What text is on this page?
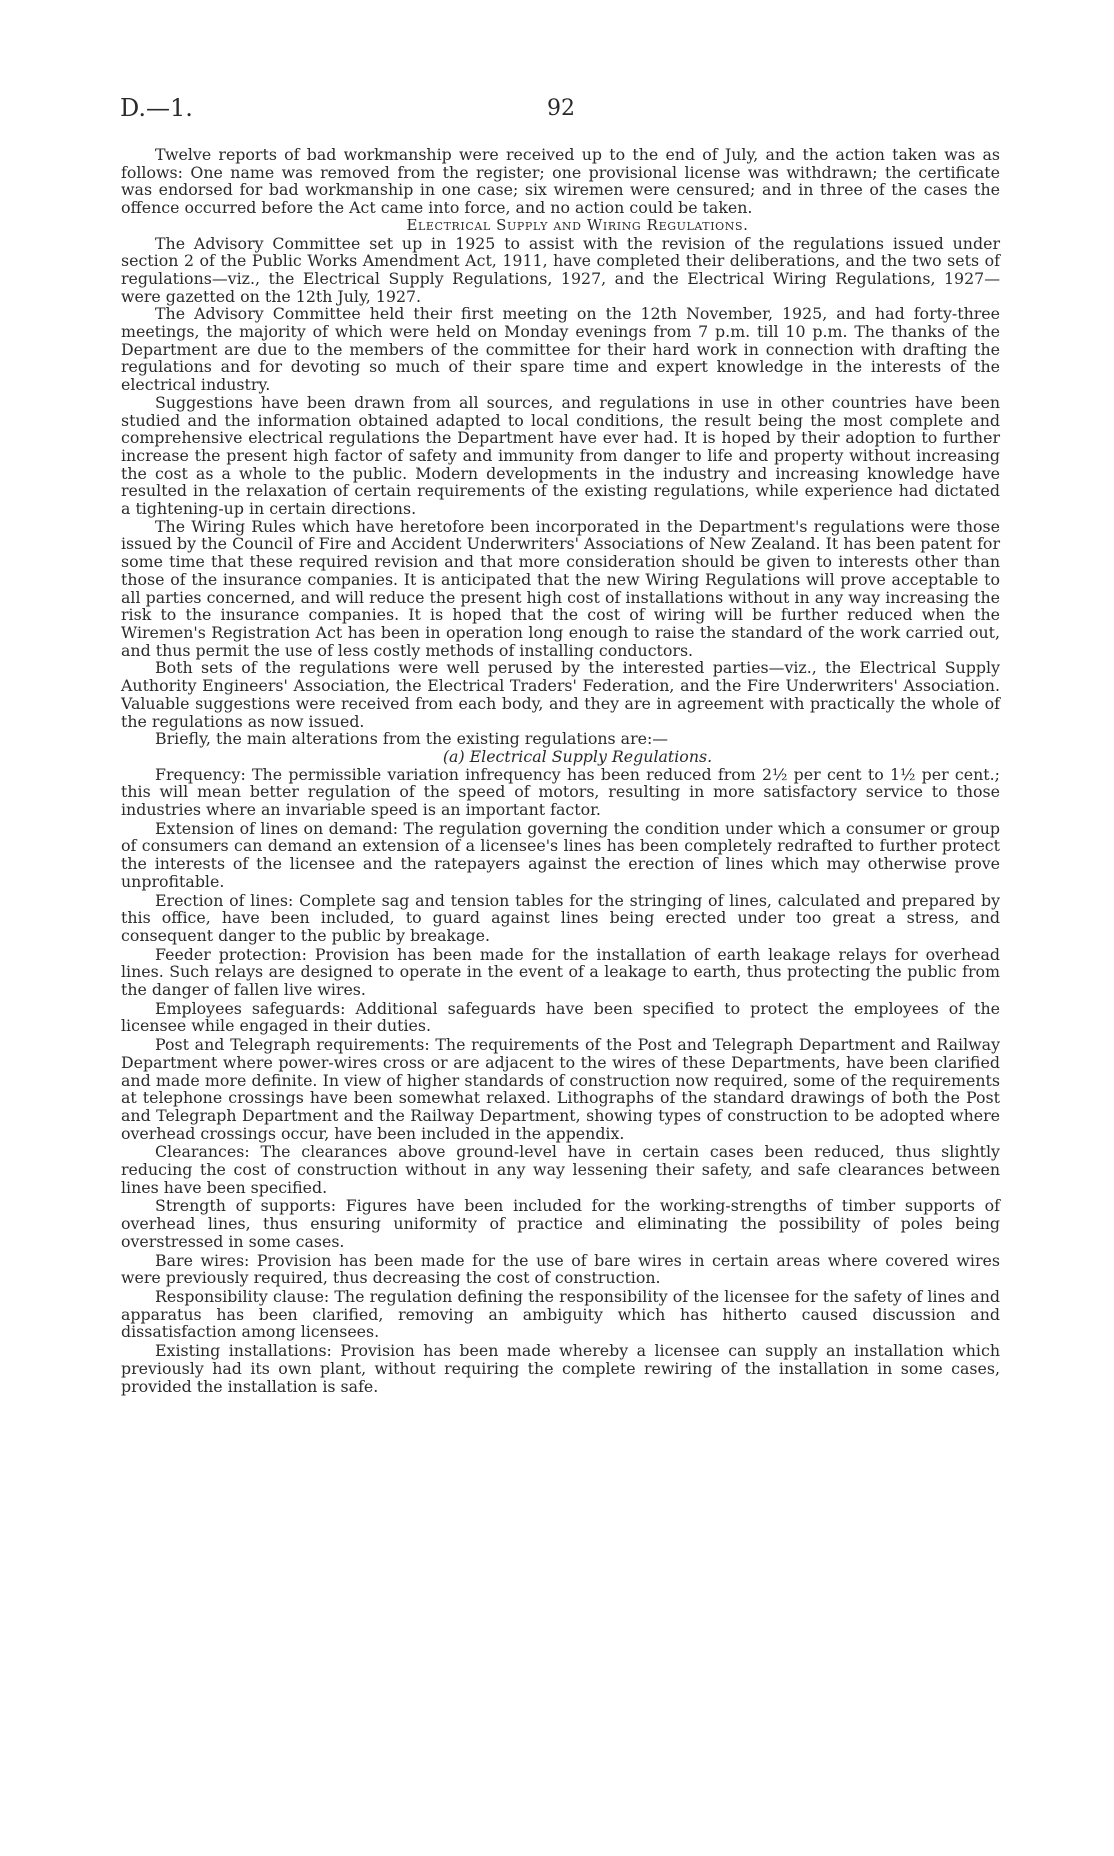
D.—1.	92

Twelve reports of bad workmanship were received up to the end of July, and the action taken was as follows: One name was removed from the register; one provisional license was withdrawn; the certificate was endorsed for bad workmanship in one case; six wiremen were censured; and in three of the cases the offence occurred before the Act came into force, and no action could be taken.

Electrical Supply and Wiring Regulations.

The Advisory Committee set up in 1925 to assist with the revision of the regulations issued under section 2 of the Public Works Amendment Act, 1911, have completed their deliberations, and the two sets of regulations—viz., the Electrical Supply Regulations, 1927, and the Electrical Wiring Regulations, 1927—were gazetted on the 12th July, 1927.

The Advisory Committee held their first meeting on the 12th November, 1925, and had forty-three meetings, the majority of which were held on Monday evenings from 7 p.m. till 10 p.m. The thanks of the Department are due to the members of the committee for their hard work in connection with drafting the regulations and for devoting so much of their spare time and expert knowledge in the interests of the electrical industry.

Suggestions have been drawn from all sources, and regulations in use in other countries have been studied and the information obtained adapted to local conditions, the result being the most complete and comprehensive electrical regulations the Department have ever had. It is hoped by their adoption to further increase the present high factor of safety and immunity from danger to life and property without increasing the cost as a whole to the public. Modern developments in the industry and increasing knowledge have resulted in the relaxation of certain requirements of the existing regulations, while experience had dictated a tightening-up in certain directions.

The Wiring Rules which have heretofore been incorporated in the Department's regulations were those issued by the Council of Fire and Accident Underwriters' Associations of New Zealand. It has been patent for some time that these required revision and that more consideration should be given to interests other than those of the insurance companies. It is anticipated that the new Wiring Regulations will prove acceptable to all parties concerned, and will reduce the present high cost of installations without in any way increasing the risk to the insurance companies. It is hoped that the cost of wiring will be further reduced when the Wiremen's Registration Act has been in operation long enough to raise the standard of the work carried out, and thus permit the use of less costly methods of installing conductors.

Both sets of the regulations were well perused by the interested parties—viz., the Electrical Supply Authority Engineers' Association, the Electrical Traders' Federation, and the Fire Underwriters' Association. Valuable suggestions were received from each body, and they are in agreement with practically the whole of the regulations as now issued.

Briefly, the main alterations from the existing regulations are:—

(a) Electrical Supply Regulations.

Frequency: The permissible variation infrequency has been reduced from 2½ per cent to 1½ per cent.; this will mean better regulation of the speed of motors, resulting in more satisfactory service to those industries where an invariable speed is an important factor.

Extension of lines on demand: The regulation governing the condition under which a consumer or group of consumers can demand an extension of a licensee's lines has been completely redrafted to further protect the interests of the licensee and the ratepayers against the erection of lines which may otherwise prove unprofitable.

Erection of lines: Complete sag and tension tables for the stringing of lines, calculated and prepared by this office, have been included, to guard against lines being erected under too great a stress, and consequent danger to the public by breakage.

Feeder protection: Provision has been made for the installation of earth leakage relays for overhead lines. Such relays are designed to operate in the event of a leakage to earth, thus protecting the public from the danger of fallen live wires.

Employees safeguards: Additional safeguards have been specified to protect the employees of the licensee while engaged in their duties.

Post and Telegraph requirements: The requirements of the Post and Telegraph Department and Railway Department where power-wires cross or are adjacent to the wires of these Departments, have been clarified and made more definite. In view of higher standards of construction now required, some of the requirements at telephone crossings have been somewhat relaxed. Lithographs of the standard drawings of both the Post and Telegraph Department and the Railway Department, showing types of construction to be adopted where overhead crossings occur, have been included in the appendix.

Clearances: The clearances above ground-level have in certain cases been reduced, thus slightly reducing the cost of construction without in any way lessening their safety, and safe clearances between lines have been specified.

Strength of supports: Figures have been included for the working-strengths of timber supports of overhead lines, thus ensuring uniformity of practice and eliminating the possibility of poles being overstressed in some cases.

Bare wires: Provision has been made for the use of bare wires in certain areas where covered wires were previously required, thus decreasing the cost of construction.

Responsibility clause: The regulation defining the responsibility of the licensee for the safety of lines and apparatus has been clarified, removing an ambiguity which has hitherto caused discussion and dissatisfaction among licensees.

Existing installations: Provision has been made whereby a licensee can supply an installation which previously had its own plant, without requiring the complete rewiring of the installation in some cases, provided the installation is safe.
